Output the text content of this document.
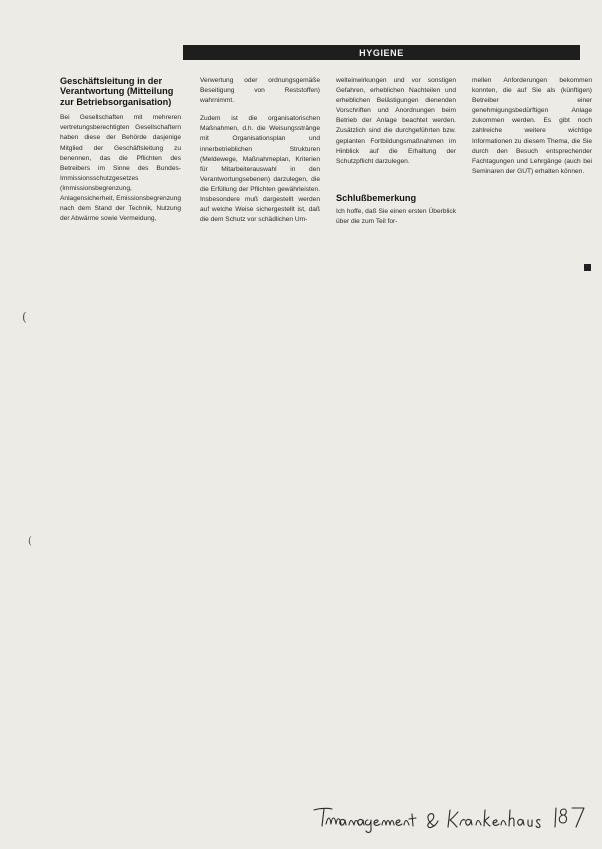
HYGIENE
Geschäftsleitung in der Verantwortung (Mitteilung zur Betriebsorganisation)

Bei Gesellschaften mit mehreren vertretungsberechtigten Gesellschaftern haben diese der Behörde dasjenige Mitglied der Geschäftsleitung zu benennen, das die Pflichten des Betreibers im Sinne des Bundes-Immissionsschutzgesetzes (Immissionsbegrenzung, Anlagensicherheit, Emissionsbegrenzung nach dem Stand der Technik, Nutzung der Abwärme sowie Vermeidung,

Verwertung oder ordnungsgemäße Beseitigung von Reststoffen) wahrnimmt.

Zudem ist die organisatorischen Maßnahmen, d.h. die Weisungsstränge mit Organisationsplan und innerbetrieblichen Strukturen (Meldewege, Maßnahmeplan, Kriterien für Mitarbeiterauswahl in den Verantwortungsebenen) darzulegen, die die Erfüllung der Pflichten gewährleisten. Insbesondere muß dargestellt werden auf welche Weise sichergestellt ist, daß die dem Schutz vor schädlichen Um-

welteinwirkungen und vor sonstigen Gefahren, erheblichen Nachteilen und erheblichen Belästigungen dienenden Vorschriften und Anordnungen beim Betrieb der Anlage beachtet werden. Zusätzlich sind die durchgeführten bzw. geplanten Fortbildungsmaßnahmen im Hinblick auf die Erhaltung der Schutzpflicht darzulegen.

Schlußbemerkung

Ich hoffe, daß Sie einen ersten Überblick über die zum Teil for-

mellen Anforderungen bekommen konnten, die auf Sie als (künftigen) Betreiber einer genehmigungsbedürftigen Anlage zukommen werden. Es gibt noch zahlreiche weitere wichtige Informationen zu diesem Thema, die Sie durch den Besuch entsprechender Fachtagungen und Lehrgänge (auch bei Seminaren der GUT) erhalten können.

(
(
